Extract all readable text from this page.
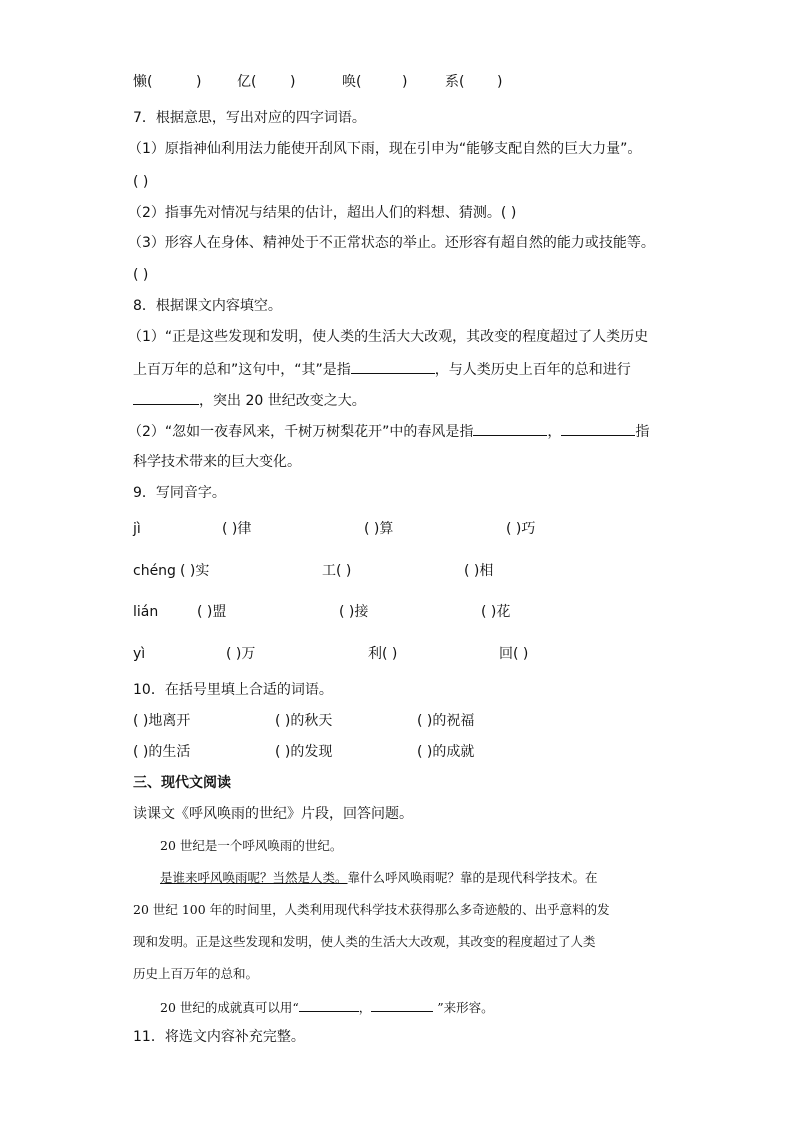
懒(	)	亿( )	唤(	)	系( )
7．根据意思，写出对应的四字词语。
（1）原指神仙利用法力能使开刮风下雨，现在引申为“能够支配自然的巨大力量”。
( )
（2）指事先对情况与结果的估计，超出人们的料想、猜测。( )
（3）形容人在身体、精神处于不正常状态的举止。还形容有超自然的能力或技能等。
( )
8．根据课文内容填空。
（1）“正是这些发现和发明，使人类的生活大大改观，其改变的程度超过了人类历史
上百万年的总和”这句中，“其”是指	，与人类历史上百年的总和进行
，突出 20 世纪改变之大。
（2）“忽如一夜春风来，千树万树梨花开”中的春风是指	，	指
科学技术带来的巨大变化。
9．写同音字。
jì	( )律	( )算	( )巧
chéng ( )实	工( )	( )相
lián	( )盟	( )接	( )花
yì	( )万	利( )	回( )
10．在括号里填上合适的词语。
( )地离开	( )的秋天	( )的祝福
( )的生活	( )的发现	( )的成就
三、现代文阅读
读课文《呼风唤雨的世纪》片段，回答问题。
20 世纪是一个呼风唤雨的世纪。
是谁来呼风唤雨呢？当然是人类。靠什么呼风唤雨呢？靠的是现代科学技术。在
20 世纪 100 年的时间里，人类利用现代科学技术获得那么多奇迹般的、出乎意料的发
现和发明。正是这些发现和发明，使人类的生活大大改观，其改变的程度超过了人类
历史上百万年的总和。
20 世纪的成就真可以用“	，	”来形容。
11．将选文内容补充完整。
